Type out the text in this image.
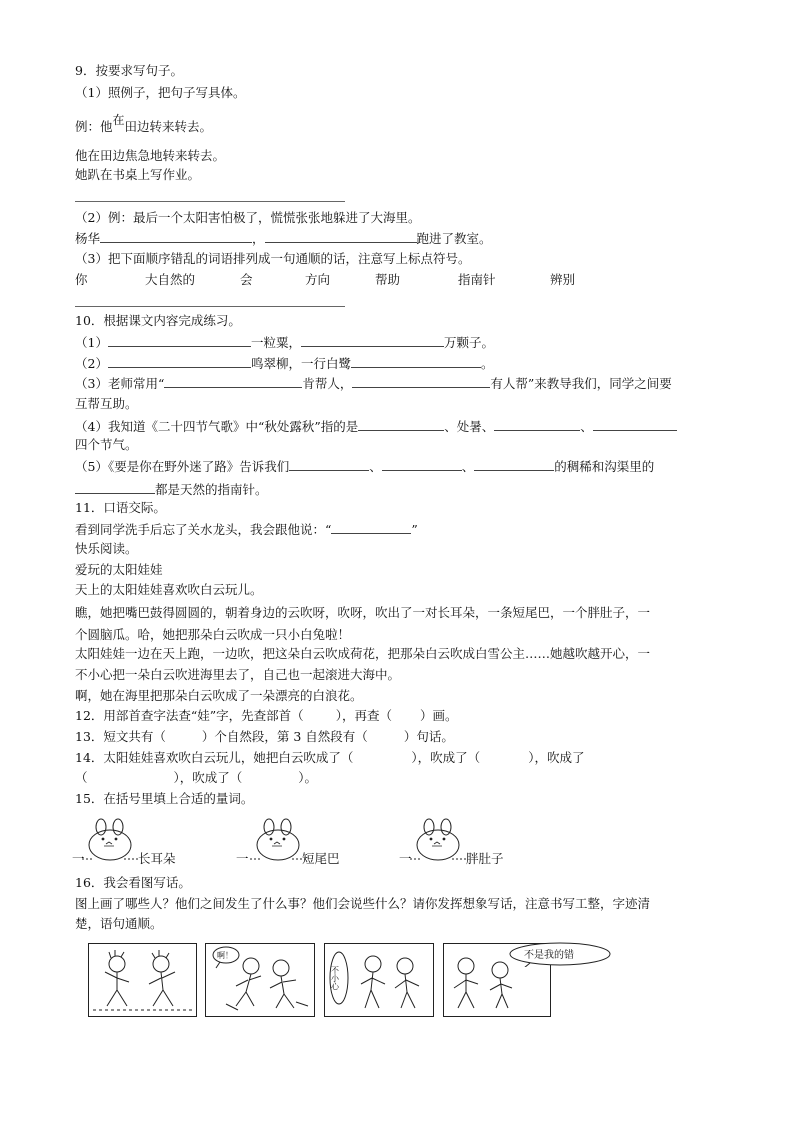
9．按要求写句子。
（1）照例子，把句子写具体。
例：他在田边转来转去。
他在田边焦急地转来转去。
她趴在书桌上写作业。
（2）例：最后一个太阳害怕极了，慌慌张张地躲进了大海里。
杨华	，	跑进了教室。
（3）把下面顺序错乱的词语排列成一句通顺的话，注意写上标点符号。
你	大自然的	会	方向	帮助	指南针	辨别
10．根据课文内容完成练习。
（1）	一粒粟，	万颗子。
（2）	鸣翠柳，一行白鹭	。
（3）老师常用“	肯帮人，	有人帮”来教导我们，同学之间要
互帮互助。
（4）我知道《二十四节气歌》中“秋处露秋”指的是	、处暑、	、
四个节气。
（5）《要是你在野外迷了路》告诉我们	、	、	的稠稀和沟渠里的
都是天然的指南针。
11．口语交际。
看到同学洗手后忘了关水龙头，我会跟他说：“	”
快乐阅读。
爱玩的太阳娃娃
天上的太阳娃娃喜欢吹白云玩儿。
瞧，她把嘴巴鼓得圆圆的，朝着身边的云吹呀，吹呀，吹出了一对长耳朵，一条短尾巴，一个胖肚子，一
个圆脑瓜。哈，她把那朵白云吹成一只小白兔啦！
太阳娃娃一边在天上跑，一边吹，把这朵白云吹成荷花，把那朵白云吹成白雪公主……她越吹越开心，一
不小心把一朵白云吹进海里去了，自己也一起滚进大海中。
啊，她在海里把那朵白云吹成了一朵漂亮的白浪花。
12．用部首查字法查“娃”字，先查部首（	），再查（ ）画。
13．短文共有（	）个自然段，第 3 自然段有（	）句话。
14．太阳娃娃喜欢吹白云玩儿，她把白云吹成了（	），吹成了（	），吹成了
（	），吹成了（	）。
15．在括号里填上合适的量词。
一	长耳朵	一	短尾巴	一	胖肚子
16．我会看图写话。
图上画了哪些人？他们之间发生了什么事？他们会说些什么？请你发挥想象写话，注意书写工整，字迹清
楚，语句通顺。
啊！
不小心
不是我的错
